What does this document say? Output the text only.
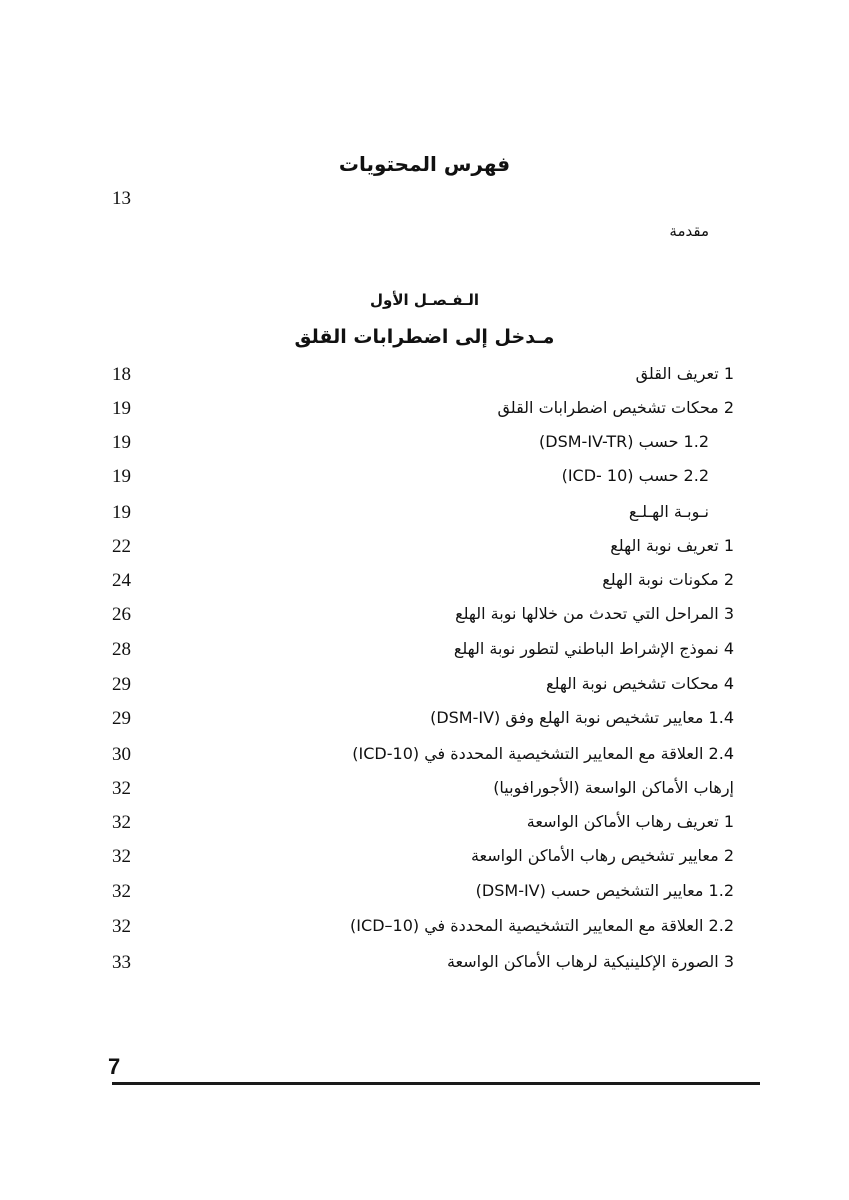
فهرس المحتويات
13
مقدمة
الـفـصـل الأول
مـدخل إلى اضطرابات القلق
1 تعريف القلق
18
2 محكات تشخيص اضطرابات القلق
19
1.2 حسب (DSM-IV-TR)
19
2.2 حسب (ICD- 10)
19
نـوبـة الهـلـع
19
1 تعريف نوبة الهلع
22
2 مكونات نوبة الهلع
24
3 المراحل التي تحدث من خلالها نوبة الهلع
26
4 نموذج الإشراط الباطني لتطور نوبة الهلع
28
4 محكات تشخيص نوبة الهلع
29
1.4 معايير تشخيص نوبة الهلع وفق (DSM-IV)
29
2.4 العلاقة مع المعايير التشخيصية المحددة في (ICD-10)
30
إرهاب الأماكن الواسعة (الأجورافوبيا)
32
1 تعريف رهاب الأماكن الواسعة
32
2 معايير تشخيص رهاب الأماكن الواسعة
32
1.2 معايير التشخيص حسب (DSM-IV)
32
2.2 العلاقة مع المعايير التشخيصية المحددة في (ICD–10)
32
3 الصورة الإكلينيكية لرهاب الأماكن الواسعة
33
7
